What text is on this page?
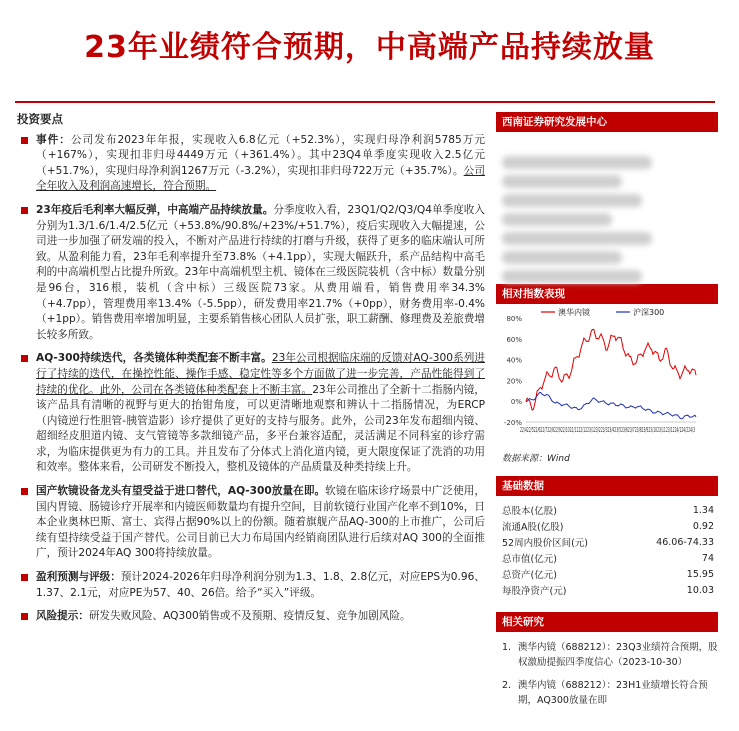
23年业绩符合预期，中高端产品持续放量
投资要点
事件：公司发布2023年年报，实现收入6.8亿元（+52.3%），实现归母净利润5785万元（+167%），实现扣非归母4449万元（+361.4%）。其中23Q4单季度实现收入2.5亿元（+51.7%），实现归母净利润1267万元（-3.2%），实现扣非归母722万元（+35.7%）。公司全年收入及利润高速增长，符合预期。
23年疫后毛利率大幅反弹，中高端产品持续放量。分季度收入看，23Q1/Q2/Q3/Q4单季度收入分别为1.3/1.6/1.4/2.5亿元（+53.8%/90.8%/+23%/+51.7%），疫后实现收入大幅提速，公司进一步加强了研发端的投入，不断对产品进行持续的打磨与升级，获得了更多的临床端认可所致。从盈利能力看，23年毛利率提升至73.8%（+4.1pp），实现大幅跃升，系产品结构中高毛利的中高端机型占比提升所致。23年中高端机型主机、镜体在三级医院装机（含中标）数量分别是96台，316根，装机（含中标）三级医院73家。从费用端看，销售费用率34.3%（+4.7pp），管理费用率13.4%（-5.5pp），研发费用率21.7%（+0pp），财务费用率-0.4%（+1pp）。销售费用率增加明显，主要系销售核心团队人员扩张，职工薪酬、修理费及差旅费增长较多所致。
AQ-300持续迭代，各类镜体种类配套不断丰富。23年公司根据临床端的反馈对AQ-300系列进行了持续的迭代，在操控性能、操作手感、稳定性等多个方面做了进一步完善，产品性能得到了持续的优化。此外，公司在各类镜体种类配套上不断丰富。23年公司推出了全新十二指肠内镜，该产品具有清晰的视野与更大的抬钳角度，可以更清晰地观察和辨认十二指肠情况，为ERCP（内镜逆行性胆管-胰管造影）诊疗提供了更好的支持与服务。此外，公司23年发布超细内镜、超细经皮胆道内镜、支气管镜等多款细镜产品，多平台兼容适配，灵活满足不同科室的诊疗需求，为临床提供更为有力的工具。并且发布了分体式上消化道内镜，更大限度保证了洗消的功用和效率。整体来看，公司研发不断投入，整机及镜体的产品质量及种类持续上升。
国产软镜设备龙头有望受益于进口替代，AQ-300放量在即。软镜在临床诊疗场景中广泛使用，国内胃镜、肠镜诊疗开展率和内镜医师数量均有提升空间，目前软镜行业国产化率不到10%，日本企业奥林巴斯、富士、宾得占据90%以上的份额。随着旗舰产品AQ-300的上市推广，公司后续有望持续受益于国产替代。公司目前已大力布局国内经销商团队进行后续对AQ 300的全面推广，预计2024年AQ 300将持续放量。
盈利预测与评级：预计2024-2026年归母净利润分别为1.3、1.8、2.8亿元，对应EPS为0.96、1.37、2.1元，对应PE为57、40、26倍。给予“买入”评级。
风险提示：研发失败风险、AQ300销售或不及预期、疫情反复、竞争加剧风险。
西南证券研究发展中心
相对指数表现
80%
60%
40%
20%
0%
-20%
22/422/522/622/722/822/922/1022/1122/1223/123/223/323/423/523/623/723/823/923/1023/1123/1224/124/224/3
澳华内镜	沪深300
数据来源：Wind
基础数据
总股本(亿股)	1.34
流通A股(亿股)	0.92
52周内股价区间(元)	46.06-74.33
总市值(亿元)	74
总资产(亿元)	15.95
每股净资产(元)	10.03
相关研究
1. 澳华内镜（688212）：23Q3业绩符合预期，股权激励提振四季度信心（2023-10-30）
2. 澳华内镜（688212）：23H1业绩增长符合预期，AQ300放量在即
